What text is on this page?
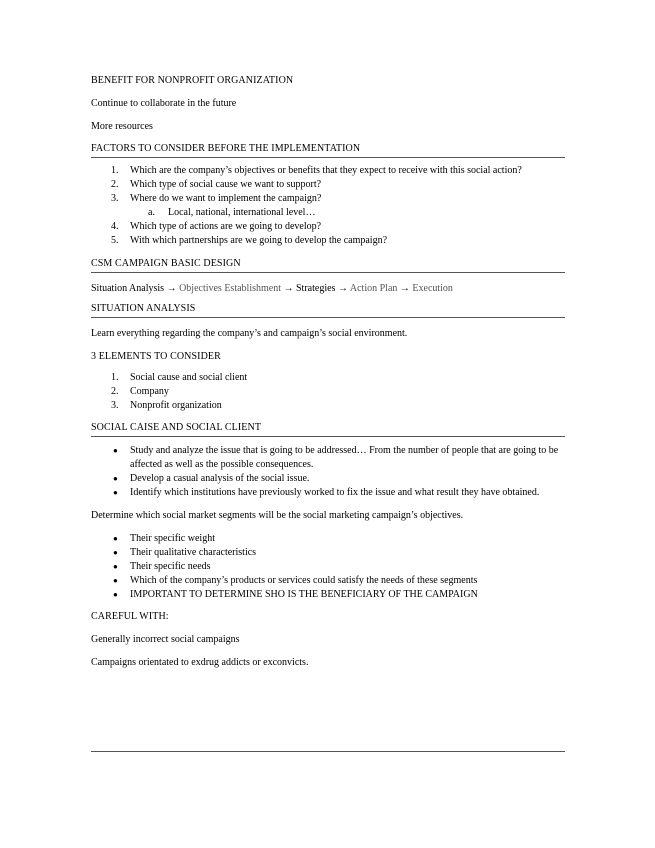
BENEFIT FOR NONPROFIT ORGANIZATION

Continue to collaborate in the future

More resources

FACTORS TO CONSIDER BEFORE THE IMPLEMENTATION

1.	Which are the company’s objectives or benefits that they expect to receive with this social action?
2.	Which type of social cause we want to support?
3.	Where do we want to implement the campaign?
a. Local, national, international level…
4.	Which type of actions are we going to develop?
5.	With which partnerships are we going to develop the campaign?

CSM CAMPAIGN BASIC DESIGN

Situation Analysis → Objectives Establishment → Strategies → Action Plan → Execution

SITUATION ANALYSIS

Learn everything regarding the company’s and campaign’s social environment.

3 ELEMENTS TO CONSIDER

1.	Social cause and social client
2.	Company
3.	Nonprofit organization

SOCIAL CAISE AND SOCIAL CLIENT

● Study and analyze the issue that is going to be addressed… From the number of people that are going to be affected as well as the possible consequences.
● Develop a casual analysis of the social issue.
● Identify which institutions have previously worked to fix the issue and what result they have obtained.

Determine which social market segments will be the social marketing campaign’s objectives.

● Their specific weight
● Their qualitative characteristics
● Their specific needs
● Which of the company’s products or services could satisfy the needs of these segments
● IMPORTANT TO DETERMINE SHO IS THE BENEFICIARY OF THE CAMPAIGN

CAREFUL WITH:

Generally incorrect social campaigns

Campaigns orientated to exdrug addicts or exconvicts.
